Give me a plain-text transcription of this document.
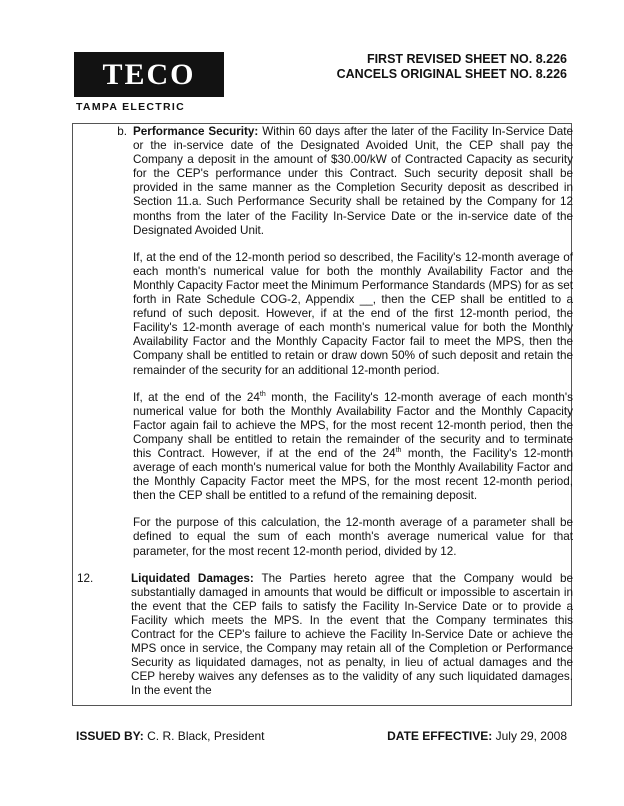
TECO
TAMPA ELECTRIC
FIRST REVISED SHEET NO. 8.226
CANCELS ORIGINAL SHEET NO. 8.226
b. Performance Security: Within 60 days after the later of the Facility In-Service Date or the in-service date of the Designated Avoided Unit, the CEP shall pay the Company a deposit in the amount of $30.00/kW of Contracted Capacity as security for the CEP's performance under this Contract. Such security deposit shall be provided in the same manner as the Completion Security deposit as described in Section 11.a. Such Performance Security shall be retained by the Company for 12 months from the later of the Facility In-Service Date or the in-service date of the Designated Avoided Unit.

If, at the end of the 12-month period so described, the Facility's 12-month average of each month's numerical value for both the monthly Availability Factor and the Monthly Capacity Factor meet the Minimum Performance Standards (MPS) for as set forth in Rate Schedule COG-2, Appendix __, then the CEP shall be entitled to a refund of such deposit. However, if at the end of the first 12-month period, the Facility's 12-month average of each month's numerical value for both the Monthly Availability Factor and the Monthly Capacity Factor fail to meet the MPS, then the Company shall be entitled to retain or draw down 50% of such deposit and retain the remainder of the security for an additional 12-month period.

If, at the end of the 24th month, the Facility's 12-month average of each month's numerical value for both the Monthly Availability Factor and the Monthly Capacity Factor again fail to achieve the MPS, for the most recent 12-month period, then the Company shall be entitled to retain the remainder of the security and to terminate this Contract. However, if at the end of the 24th month, the Facility's 12-month average of each month's numerical value for both the Monthly Availability Factor and the Monthly Capacity Factor meet the MPS, for the most recent 12-month period, then the CEP shall be entitled to a refund of the remaining deposit.

For the purpose of this calculation, the 12-month average of a parameter shall be defined to equal the sum of each month's average numerical value for that parameter, for the most recent 12-month period, divided by 12.

12.	Liquidated Damages: The Parties hereto agree that the Company would be substantially damaged in amounts that would be difficult or impossible to ascertain in the event that the CEP fails to satisfy the Facility In-Service Date or to provide a Facility which meets the MPS. In the event that the Company terminates this Contract for the CEP's failure to achieve the Facility In-Service Date or achieve the MPS once in service, the Company may retain all of the Completion or Performance Security as liquidated damages, not as penalty, in lieu of actual damages and the CEP hereby waives any defenses as to the validity of any such liquidated damages. In the event the
ISSUED BY: C. R. Black, President	DATE EFFECTIVE: July 29, 2008
